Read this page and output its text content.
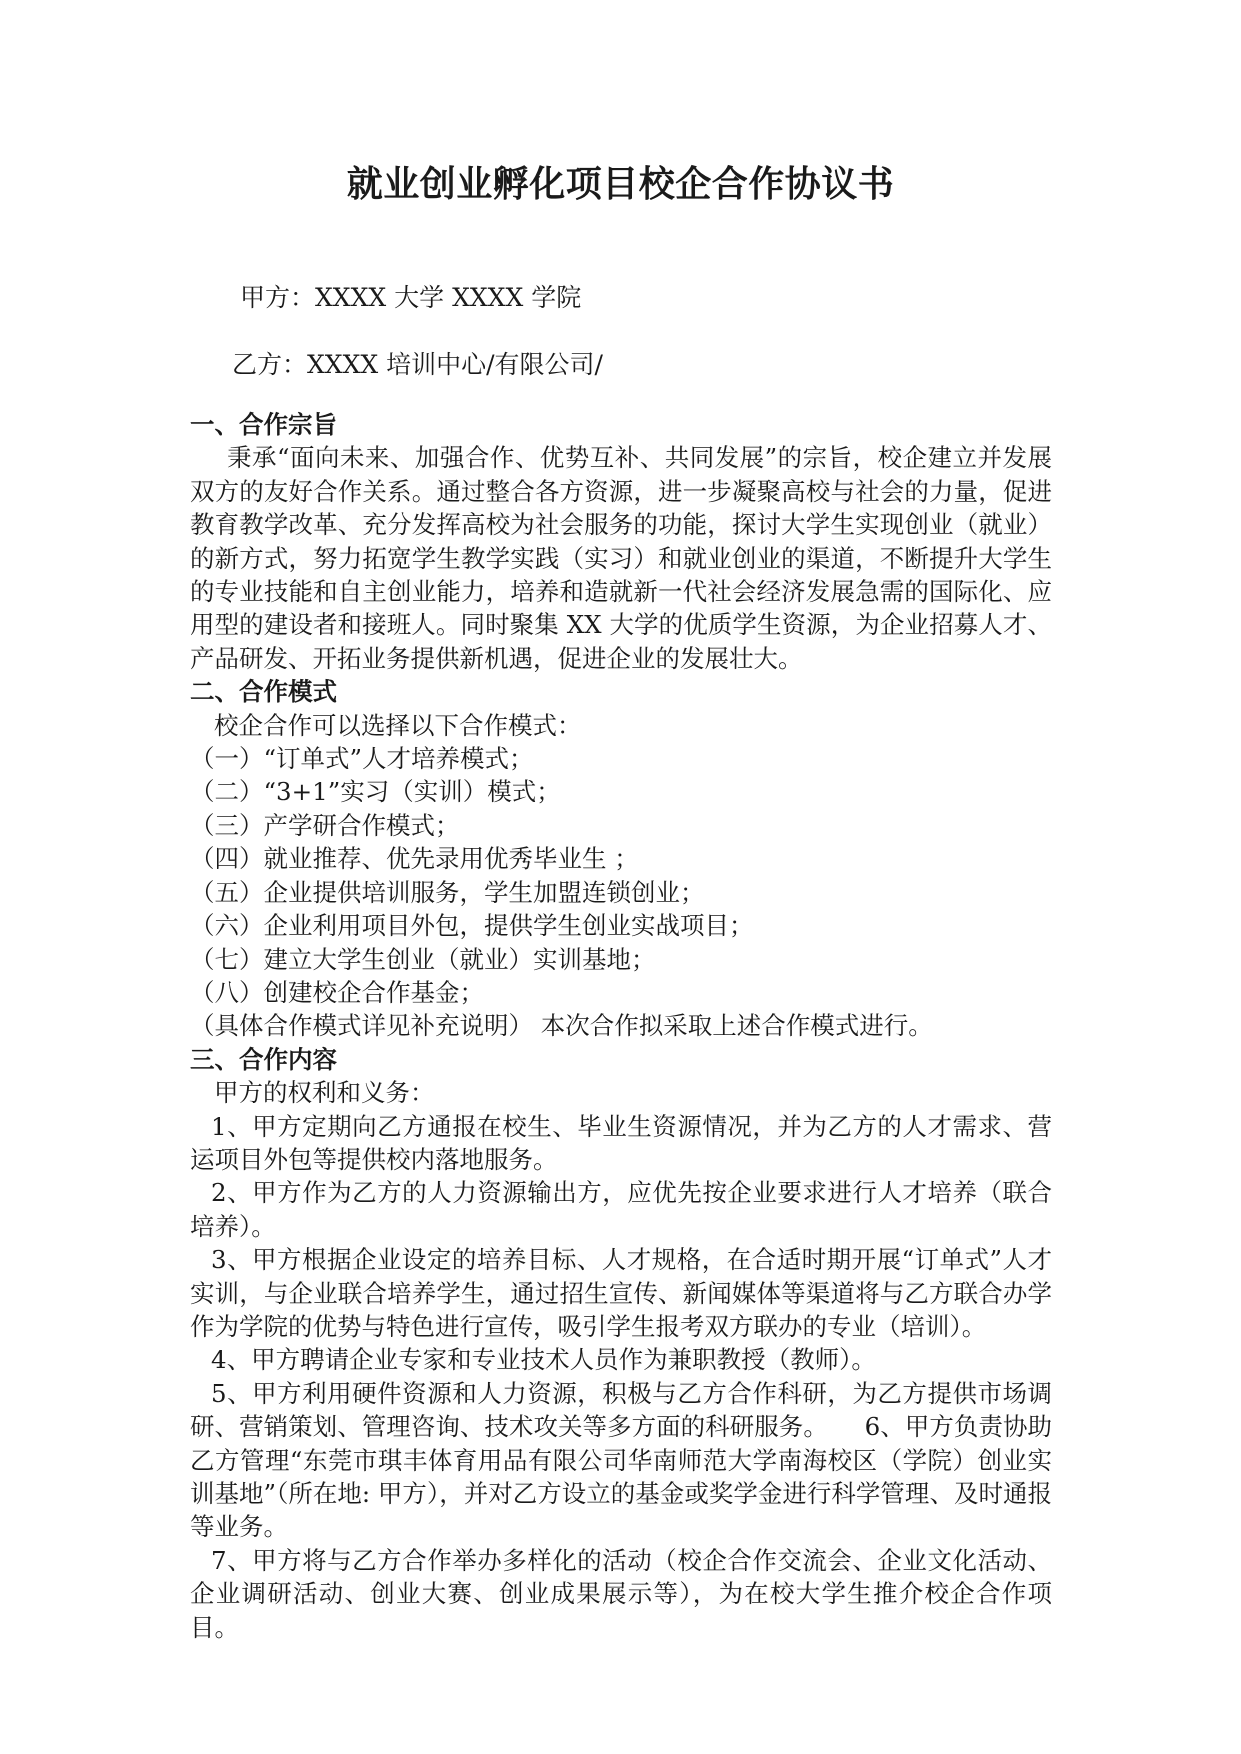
就业创业孵化项目校企合作协议书
甲方：XXXX 大学 XXXX 学院
乙方：XXXX 培训中心/有限公司/

一、合作宗旨

秉承“面向未来、加强合作、优势互补、共同发展”的宗旨，校企建立并发展双方的友好合作关系。通过整合各方资源，进一步凝聚高校与社会的力量，促进教育教学改革、充分发挥高校为社会服务的功能，探讨大学生实现创业（就业）的新方式，努力拓宽学生教学实践（实习）和就业创业的渠道，不断提升大学生的专业技能和自主创业能力，培养和造就新一代社会经济发展急需的国际化、应用型的建设者和接班人。同时聚集 XX 大学的优质学生资源，为企业招募人才、产品研发、开拓业务提供新机遇，促进企业的发展壮大。

二、合作模式

校企合作可以选择以下合作模式：

（一）“订单式”人才培养模式；

（二）“3+1”实习（实训）模式；

（三）产学研合作模式；

（四）就业推荐、优先录用优秀毕业生 ；

（五）企业提供培训服务，学生加盟连锁创业；

（六）企业利用项目外包，提供学生创业实战项目；

（七）建立大学生创业（就业）实训基地；

（八）创建校企合作基金；

（具体合作模式详见补充说明） 本次合作拟采取上述合作模式进行。

三、合作内容

甲方的权利和义务：

1、甲方定期向乙方通报在校生、毕业生资源情况，并为乙方的人才需求、营运项目外包等提供校内落地服务。

2、甲方作为乙方的人力资源输出方，应优先按企业要求进行人才培养（联合培养）。

3、甲方根据企业设定的培养目标、人才规格，在合适时期开展“订单式”人才实训，与企业联合培养学生，通过招生宣传、新闻媒体等渠道将与乙方联合办学作为学院的优势与特色进行宣传，吸引学生报考双方联办的专业（培训）。

4、甲方聘请企业专家和专业技术人员作为兼职教授（教师）。

5、甲方利用硬件资源和人力资源，积极与乙方合作科研，为乙方提供市场调研、营销策划、管理咨询、技术攻关等多方面的科研服务。　　6、甲方负责协助乙方管理“东莞市琪丰体育用品有限公司华南师范大学南海校区（学院）创业实训基地”（所在地: 甲方），并对乙方设立的基金或奖学金进行科学管理、及时通报等业务。

7、甲方将与乙方合作举办多样化的活动（校企合作交流会、企业文化活动、企业调研活动、创业大赛、创业成果展示等），为在校大学生推介校企合作项目。
